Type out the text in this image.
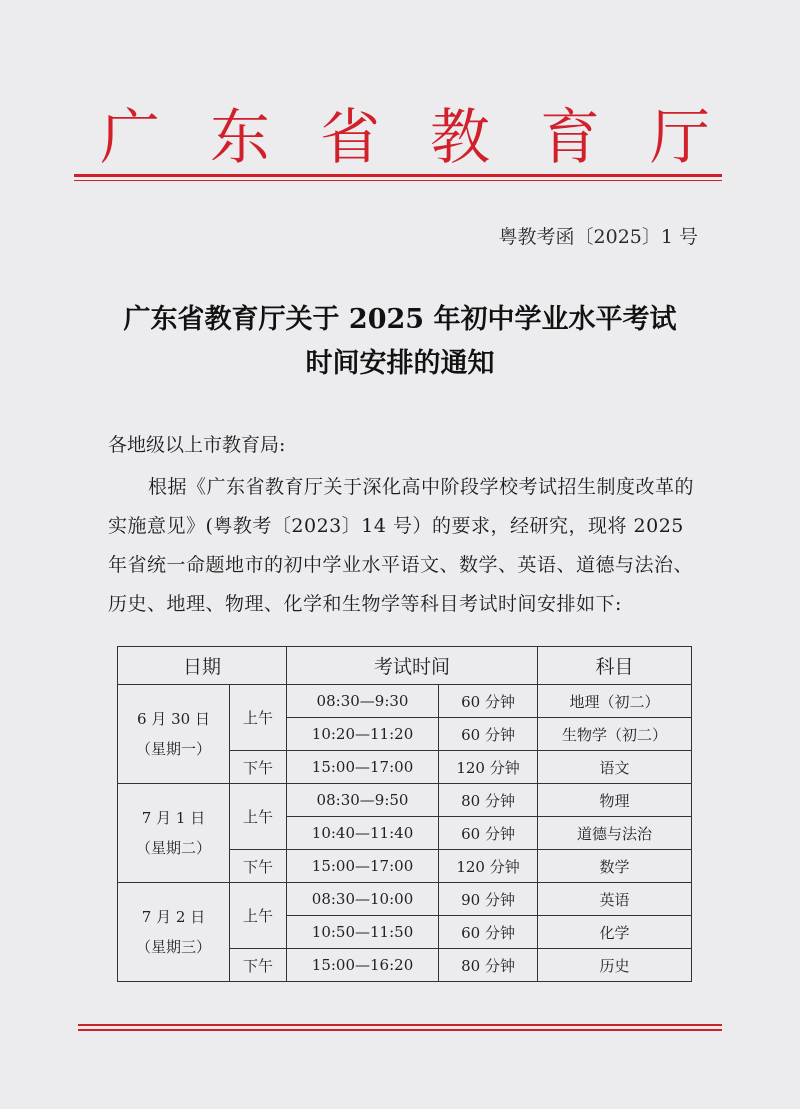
广 东 省 教 育 厅
粤教考函〔2025〕1 号
广东省教育厅关于 2025 年初中学业水平考试
时间安排的通知
各地级以上市教育局:
根据《广东省教育厅关于深化高中阶段学校考试招生制度改革的实施意见》(粤教考〔2023〕14 号）的要求，经研究，现将 2025 年省统一命题地市的初中学业水平语文、数学、英语、道德与法治、历史、地理、物理、化学和生物学等科目考试时间安排如下:
日期		考试时间		科目

6 月 30 日
（星期一）	上午	08:30—9:30	60 分钟	地理（初二）
		10:20—11:20	60 分钟	生物学（初二）
	下午	15:00—17:00	120 分钟	语文

7 月 1 日
（星期二）	上午	08:30—9:50	80 分钟	物理
		10:40—11:40	60 分钟	道德与法治
	下午	15:00—17:00	120 分钟	数学

7 月 2 日
（星期三）	上午	08:30—10:00	90 分钟	英语
		10:50—11:50	60 分钟	化学
	下午	15:00—16:20	80 分钟	历史
